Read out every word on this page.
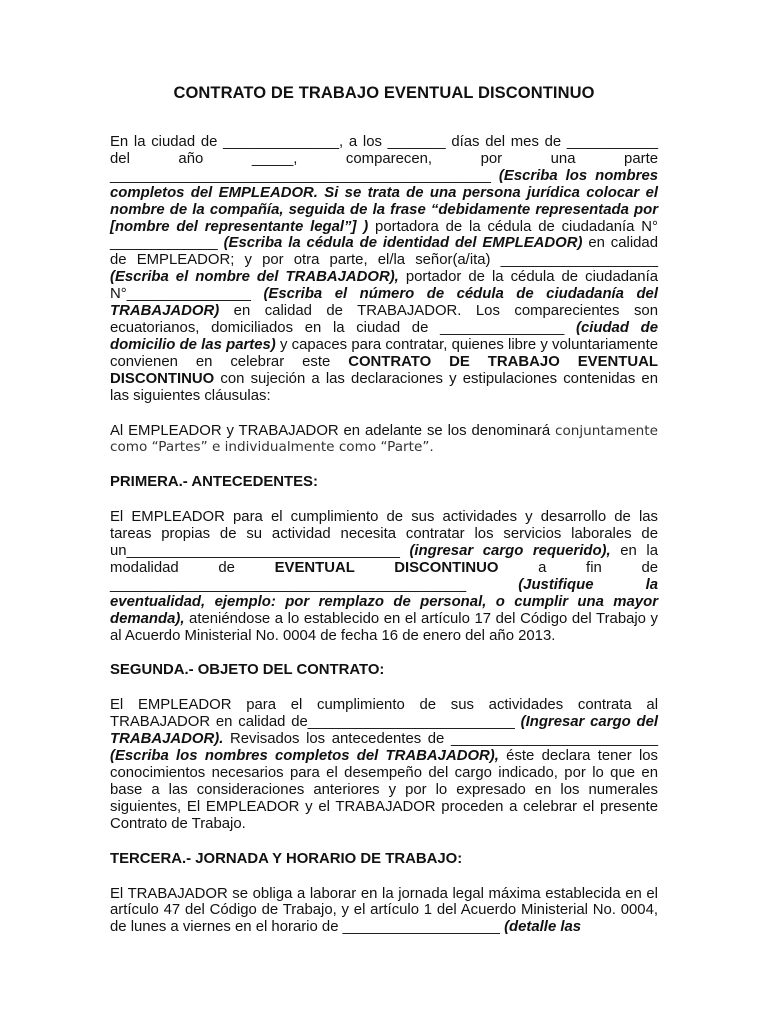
CONTRATO DE TRABAJO EVENTUAL DISCONTINUO

En la ciudad de ______________, a los _______ días del mes de ___________ del año _____, comparecen, por una parte ______________________________________________ (Escriba los nombres completos del EMPLEADOR. Si se trata de una persona jurídica colocar el nombre de la compañía, seguida de la frase “debidamente representada por [nombre del representante legal”] ) portadora de la cédula de ciudadanía N° _____________ (Escriba la cédula de identidad del EMPLEADOR) en calidad de EMPLEADOR; y por otra parte, el/la señor(a/ita) ___________________ (Escriba el nombre del TRABAJADOR), portador de la cédula de ciudadanía N°_______________ (Escriba el número de cédula de ciudadanía del TRABAJADOR) en calidad de TRABAJADOR. Los comparecientes son ecuatorianos, domiciliados en la ciudad de _______________ (ciudad de domicilio de las partes) y capaces para contratar, quienes libre y voluntariamente convienen en celebrar este CONTRATO DE TRABAJO EVENTUAL DISCONTINUO con sujeción a las declaraciones y estipulaciones contenidas en las siguientes cláusulas:

Al EMPLEADOR y TRABAJADOR en adelante se los denominará conjuntamente como “Partes” e individualmente como “Parte”.

PRIMERA.- ANTECEDENTES:

El EMPLEADOR para el cumplimiento de sus actividades y desarrollo de las tareas propias de su actividad necesita contratar los servicios laborales de un_________________________________ (ingresar cargo requerido), en la modalidad de EVENTUAL DISCONTINUO a fin de ___________________________________________ (Justifique la eventualidad, ejemplo: por remplazo de personal, o cumplir una mayor demanda), ateniéndose a lo establecido en el artículo 17 del Código del Trabajo y al Acuerdo Ministerial No. 0004 de fecha 16 de enero del año 2013.

SEGUNDA.- OBJETO DEL CONTRATO:

El EMPLEADOR para el cumplimiento de sus actividades contrata al TRABAJADOR en calidad de_________________________ (Ingresar cargo del TRABAJADOR). Revisados los antecedentes de _________________________ (Escriba los nombres completos del TRABAJADOR), éste declara tener los conocimientos necesarios para el desempeño del cargo indicado, por lo que en base a las consideraciones anteriores y por lo expresado en los numerales siguientes, El EMPLEADOR y el TRABAJADOR proceden a celebrar el presente Contrato de Trabajo.

TERCERA.- JORNADA Y HORARIO DE TRABAJO:

El TRABAJADOR se obliga a laborar en la jornada legal máxima establecida en el artículo 47 del Código de Trabajo, y el artículo 1 del Acuerdo Ministerial No. 0004, de lunes a viernes en el horario de ___________________ (detalle las
